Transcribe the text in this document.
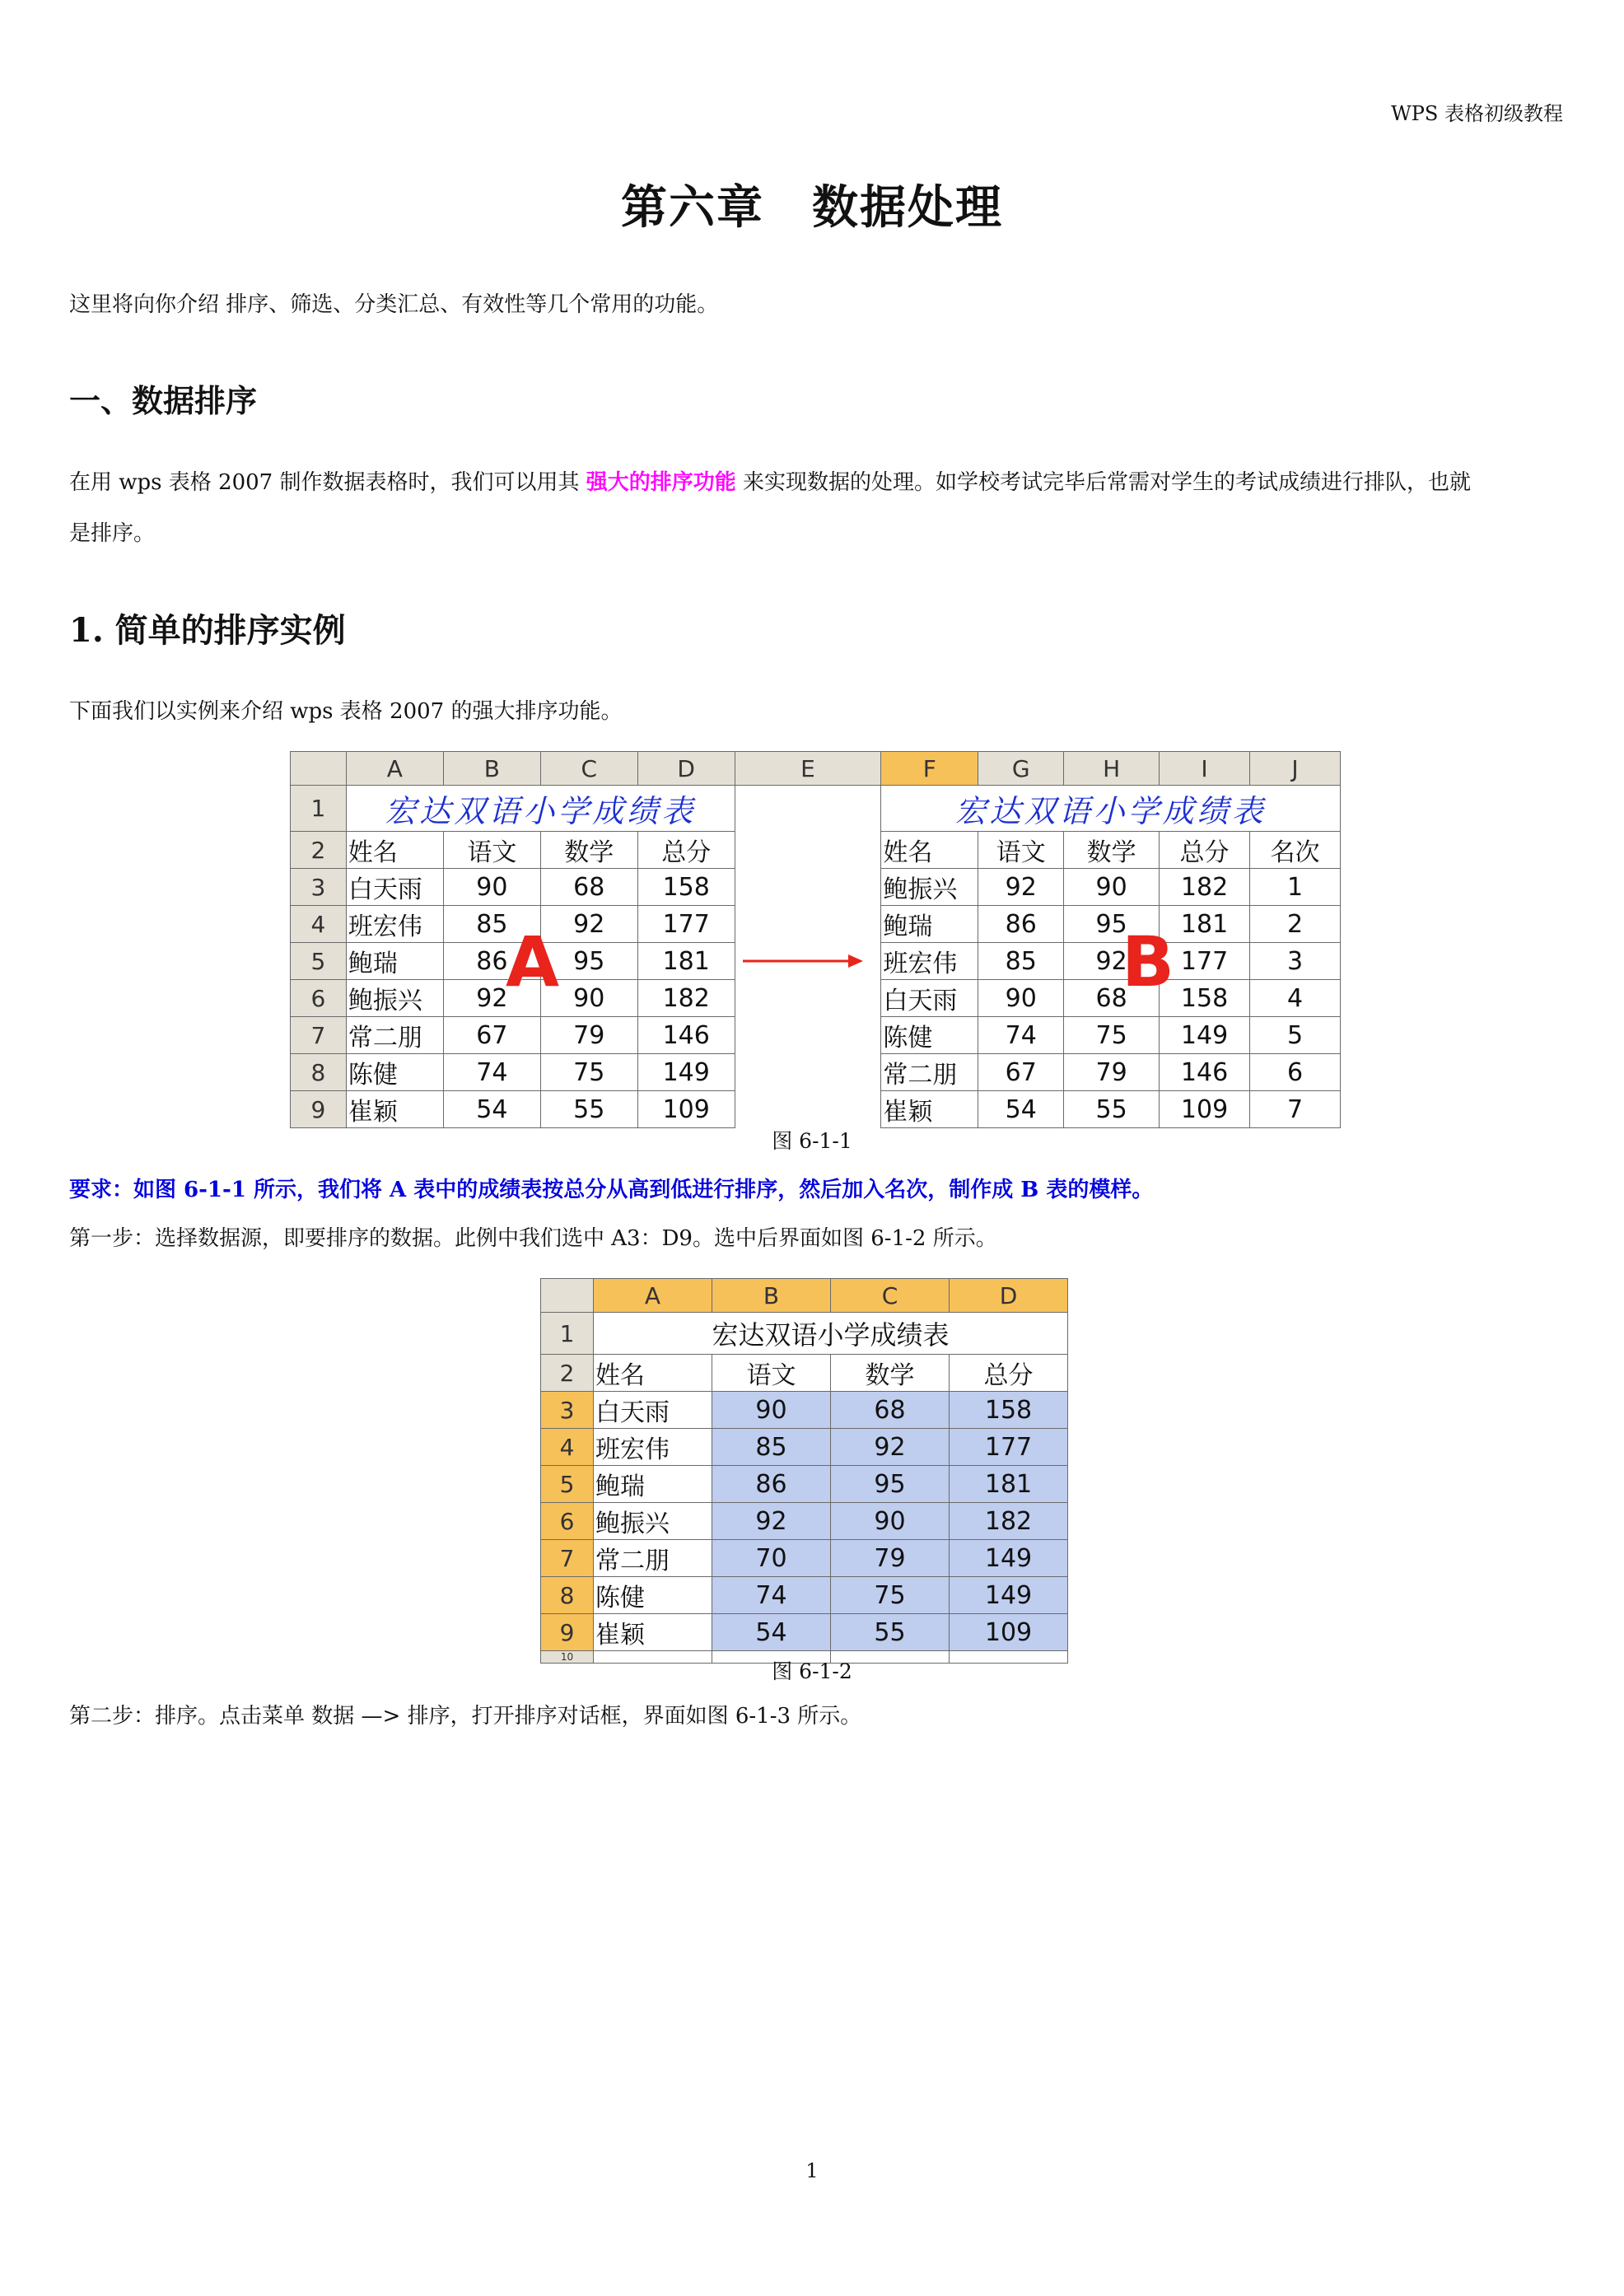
WPS 表格初级教程
第六章　数据处理
这里将向你介绍 排序、筛选、分类汇总、有效性等几个常用的功能。
一、数据排序
在用 wps 表格 2007 制作数据表格时，我们可以用其 强大的排序功能 来实现数据的处理。如学校考试完毕后常需对学生的考试成绩进行排队，也就
是排序。
1. 简单的排序实例
下面我们以实例来介绍 wps 表格 2007 的强大排序功能。
	A	B	C	D	E	F	G	H	I	J
1	宏达双语小学成绩表					宏达双语小学成绩表				
2	姓名	语文	数学	总分		姓名	语文	数学	总分	名次
3	白天雨	90	68	158		鲍振兴	92	90	182	1
4	班宏伟	85	92	177		鲍瑞	86	95	181	2
5	鲍瑞	86	95	181		班宏伟	85	92	177	3
6	鲍振兴	92	90	182		白天雨	90	68	158	4
7	常二朋	67	79	146		陈健	74	75	149	5
8	陈健	74	75	149		常二朋	67	79	146	6
9	崔颖	54	55	109		崔颖	54	55	109	7
A	B
图 6-1-1
要求：如图 6-1-1 所示，我们将 A 表中的成绩表按总分从高到低进行排序，然后加入名次，制作成 B 表的模样。
第一步：选择数据源，即要排序的数据。此例中我们选中 A3：D9。选中后界面如图 6-1-2 所示。
	A	B	C	D
1	宏达双语小学成绩表			
2	姓名	语文	数学	总分
3	白天雨	90	68	158
4	班宏伟	85	92	177
5	鲍瑞	86	95	181
6	鲍振兴	92	90	182
7	常二朋	70	79	149
8	陈健	74	75	149
9	崔颖	54	55	109
10				
图 6-1-2
第二步：排序。点击菜单 数据 —> 排序，打开排序对话框，界面如图 6-1-3 所示。
1
